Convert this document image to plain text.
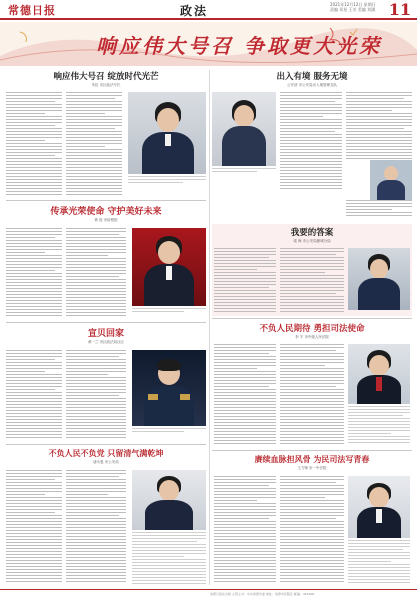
常德日报	政法	2021年12月12日 星期日
责编 邓星 王芳 美编 刘涵 11
响应伟大号召 争取更大光荣
响应伟大号召 绽放时代光芒
朱佳 市区政法专栏
出入有境 服务无境
公安部 市公安局出入境管理支队
传承光荣使命 守护美好未来
黄 茹 市检察院
我要的答案
梁 海 市公安局鼎城分局
宣贝回家
黄一兰 市区政法局社区
不负人民期待 勇担司法使命
李 宇 市中级人民法院
不负人民不负党 只留清气满乾坤
唐永惠 市公安局	赓续血脉担风骨 为民司法写青春
王力锋 市一中法院
常德日报社出版 主管主办：中共常德市委 地址：常德市武陵区 邮编：415000
